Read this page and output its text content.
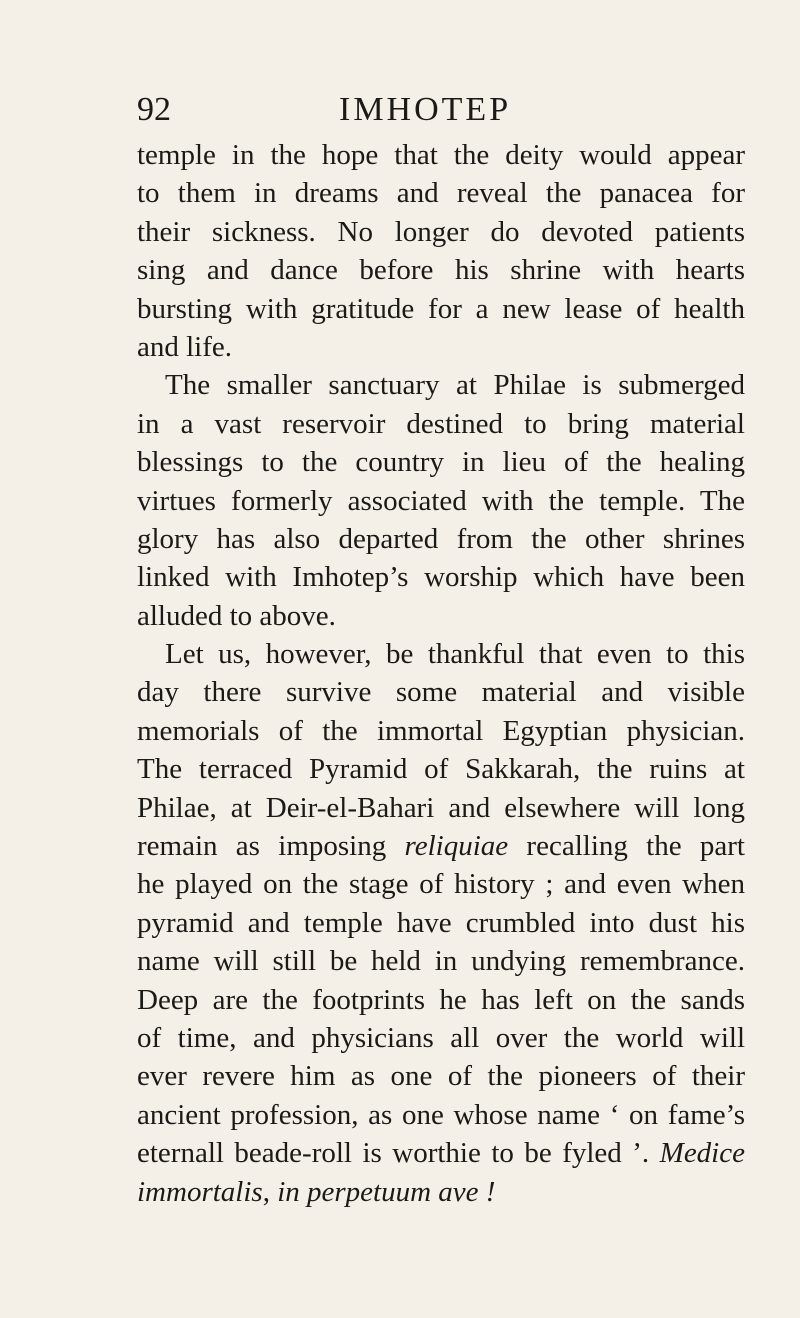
92	IMHOTEP
temple in the hope that the deity would appear
to them in dreams and reveal the panacea for
their sickness. No longer do devoted patients
sing and dance before his shrine with hearts
bursting with gratitude for a new lease of health
and life.
The smaller sanctuary at Philae is submerged
in a vast reservoir destined to bring material
blessings to the country in lieu of the healing
virtues formerly associated with the temple. The
glory has also departed from the other shrines
linked with Imhotep’s worship which have been
alluded to above.
Let us, however, be thankful that even to this
day there survive some material and visible
memorials of the immortal Egyptian physician.
The terraced Pyramid of Sakkarah, the ruins at
Philae, at Deir-el-Bahari and elsewhere will long
remain as imposing reliquiae recalling the part
he played on the stage of history ; and even when
pyramid and temple have crumbled into dust his
name will still be held in undying remembrance.
Deep are the footprints he has left on the sands
of time, and physicians all over the world will
ever revere him as one of the pioneers of their
ancient profession, as one whose name ‘ on fame’s
eternall beade-roll is worthie to be fyled ’. Medice
immortalis, in perpetuum ave !
